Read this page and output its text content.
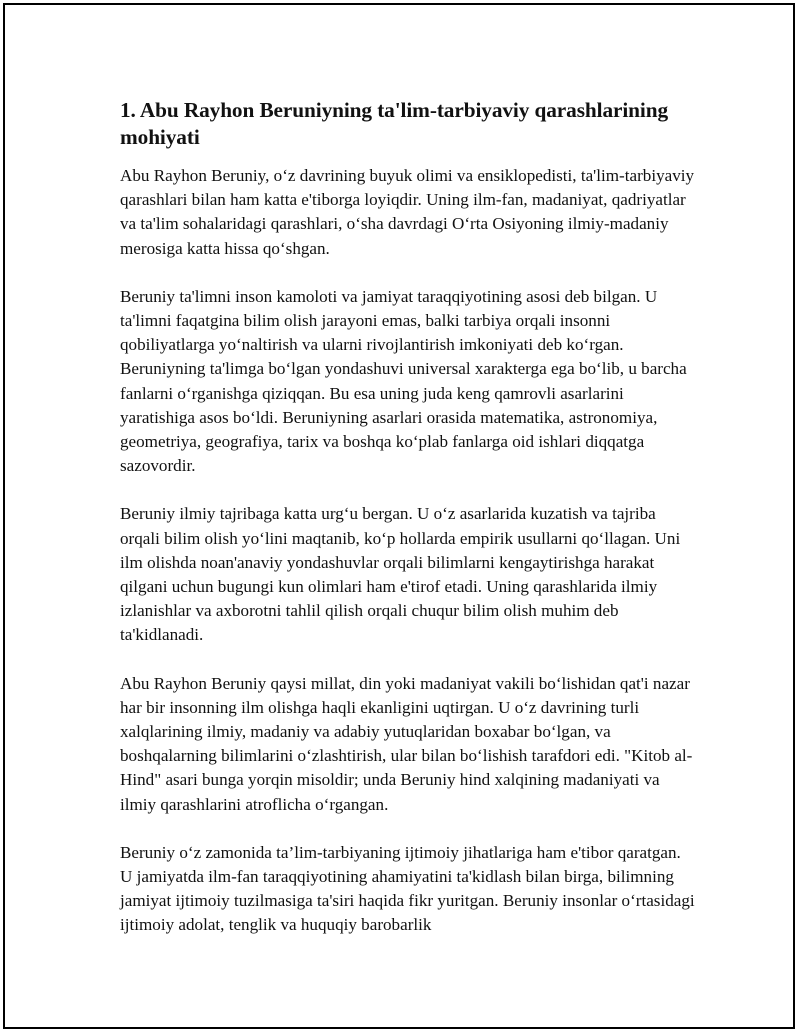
1. Abu Rayhon Beruniyning ta'lim-tarbiyaviy qarashlarining mohiyati

Abu Rayhon Beruniy, o‘z davrining buyuk olimi va ensiklopedisti, ta'lim-tarbiyaviy qarashlari bilan ham katta e'tiborga loyiqdir. Uning ilm-fan, madaniyat, qadriyatlar va ta'lim sohalaridagi qarashlari, o‘sha davrdagi O‘rta Osiyoning ilmiy-madaniy merosiga katta hissa qo‘shgan.

Beruniy ta'limni inson kamoloti va jamiyat taraqqiyotining asosi deb bilgan. U ta'limni faqatgina bilim olish jarayoni emas, balki tarbiya orqali insonni qobiliyatlarga yo‘naltirish va ularni rivojlantirish imkoniyati deb ko‘rgan. Beruniyning ta'limga bo‘lgan yondashuvi universal xarakterga ega bo‘lib, u barcha fanlarni o‘rganishga qiziqqan. Bu esa uning juda keng qamrovli asarlarini yaratishiga asos bo‘ldi. Beruniyning asarlari orasida matematika, astronomiya, geometriya, geografiya, tarix va boshqa ko‘plab fanlarga oid ishlari diqqatga sazovordir.

Beruniy ilmiy tajribaga katta urg‘u bergan. U o‘z asarlarida kuzatish va tajriba orqali bilim olish yo‘lini maqtanib, ko‘p hollarda empirik usullarni qo‘llagan. Uni ilm olishda noan'anaviy yondashuvlar orqali bilimlarni kengaytirishga harakat qilgani uchun bugungi kun olimlari ham e'tirof etadi. Uning qarashlarida ilmiy izlanishlar va axborotni tahlil qilish orqali chuqur bilim olish muhim deb ta'kidlanadi.

Abu Rayhon Beruniy qaysi millat, din yoki madaniyat vakili bo‘lishidan qat'i nazar har bir insonning ilm olishga haqli ekanligini uqtirgan. U o‘z davrining turli xalqlarining ilmiy, madaniy va adabiy yutuqlaridan boxabar bo‘lgan, va boshqalarning bilimlarini o‘zlashtirish, ular bilan bo‘lishish tarafdori edi. "Kitob al-Hind" asari bunga yorqin misoldir; unda Beruniy hind xalqining madaniyati va ilmiy qarashlarini atroflicha o‘rgangan.

Beruniy o‘z zamonida ta’lim-tarbiyaning ijtimoiy jihatlariga ham e'tibor qaratgan. U jamiyatda ilm-fan taraqqiyotining ahamiyatini ta'kidlash bilan birga, bilimning jamiyat ijtimoiy tuzilmasiga ta'siri haqida fikr yuritgan. Beruniy insonlar o‘rtasidagi ijtimoiy adolat, tenglik va huquqiy barobarlik
